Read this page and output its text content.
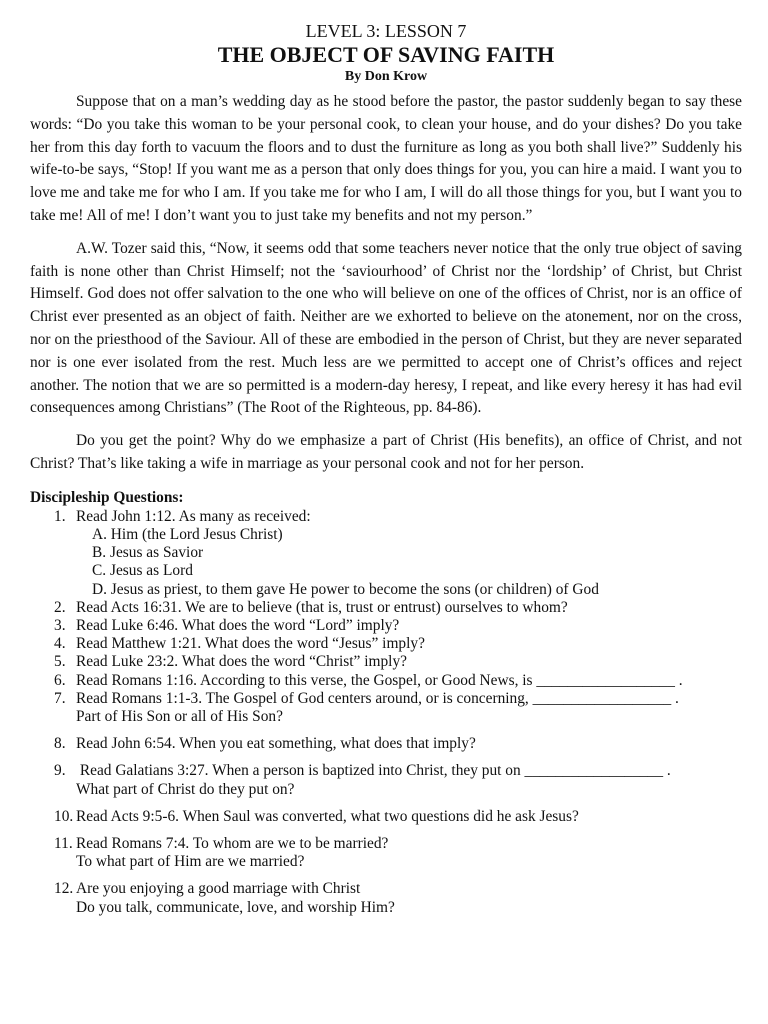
LEVEL 3: LESSON 7
THE OBJECT OF SAVING FAITH
By Don Krow

Suppose that on a man’s wedding day as he stood before the pastor, the pastor suddenly began to say these words: “Do you take this woman to be your personal cook, to clean your house, and do your dishes? Do you take her from this day forth to vacuum the floors and to dust the furniture as long as you both shall live?” Suddenly his wife-to-be says, “Stop! If you want me as a person that only does things for you, you can hire a maid. I want you to love me and take me for who I am. If you take me for who I am, I will do all those things for you, but I want you to take me! All of me! I don’t want you to just take my benefits and not my person.”

A.W. Tozer said this, “Now, it seems odd that some teachers never notice that the only true object of saving faith is none other than Christ Himself; not the ‘saviourhood’ of Christ nor the ‘lordship’ of Christ, but Christ Himself. God does not offer salvation to the one who will believe on one of the offices of Christ, nor is an office of Christ ever presented as an object of faith. Neither are we exhorted to believe on the atonement, nor on the cross, nor on the priesthood of the Saviour. All of these are embodied in the person of Christ, but they are never separated nor is one ever isolated from the rest. Much less are we permitted to accept one of Christ’s offices and reject another. The notion that we are so permitted is a modern-day heresy, I repeat, and like every heresy it has had evil consequences among Christians” (The Root of the Righteous, pp. 84-86).

Do you get the point? Why do we emphasize a part of Christ (His benefits), an office of Christ, and not Christ? That’s like taking a wife in marriage as your personal cook and not for her person.

Discipleship Questions:
1. Read John 1:12. As many as received:
A. Him (the Lord Jesus Christ)
B. Jesus as Savior
C. Jesus as Lord
D. Jesus as priest, to them gave He power to become the sons (or children) of God
2. Read Acts 16:31. We are to believe (that is, trust or entrust) ourselves to whom?
3. Read Luke 6:46. What does the word “Lord” imply?
4. Read Matthew 1:21. What does the word “Jesus” imply?
5. Read Luke 23:2. What does the word “Christ” imply?
6. Read Romans 1:16. According to this verse, the Gospel, or Good News, is __________________ .
7. Read Romans 1:1-3. The Gospel of God centers around, or is concerning, __________________ .
Part of His Son or all of His Son?
8. Read John 6:54. When you eat something, what does that imply?
9. Read Galatians 3:27. When a person is baptized into Christ, they put on __________________ .
What part of Christ do they put on?
10. Read Acts 9:5-6. When Saul was converted, what two questions did he ask Jesus?
11. Read Romans 7:4. To whom are we to be married?
To what part of Him are we married?
12. Are you enjoying a good marriage with Christ
Do you talk, communicate, love, and worship Him?
